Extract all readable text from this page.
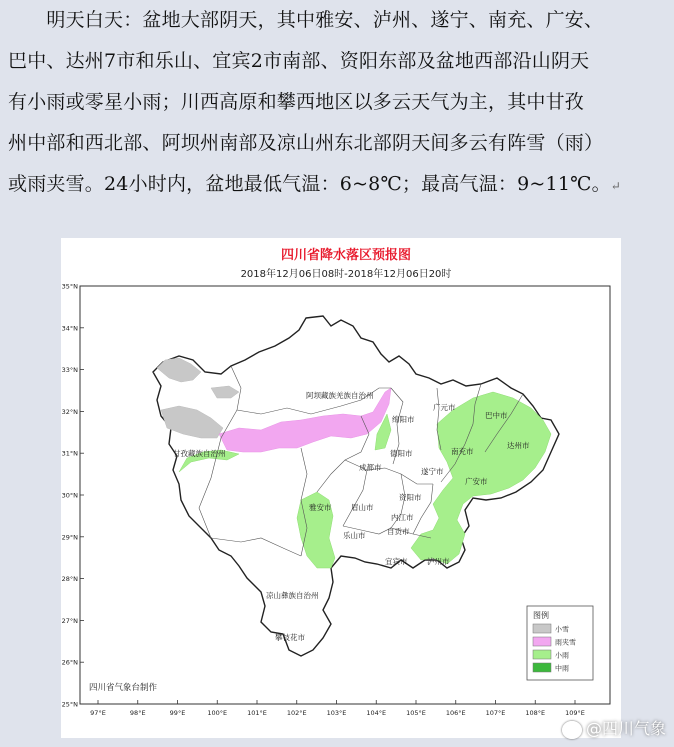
　　明天白天：盆地大部阴天，其中雅安、泸州、遂宁、南充、广安、
巴中、达州7市和乐山、宜宾2市南部、资阳东部及盆地西部沿山阴天
有小雨或零星小雨；川西高原和攀西地区以多云天气为主，其中甘孜
州中部和西北部、阿坝州南部及凉山州东北部阴天间多云有阵雪（雨）
或雨夹雪。24小时内，盆地最低气温：6~8℃；最高气温：9~11℃。↵
四川省降水落区预报图
2018年12月06日08时-2018年12月06日20时
阿坝藏族羌族自治州
甘孜藏族自治州
凉山彝族自治州
攀枝花市
广元市
绵阳市	巴中市
达州市
南充市
德阳市
成都市	遂宁市
广安市
雅安市	眉山市
资阳市
内江市
乐山市	自贡市
宜宾市	泸州市
35°N
34°N
33°N
32°N
31°N
30°N
29°N
28°N
27°N
26°N
25°N
97°E	98°E	99°E	100°E	101°E	102°E	103°E	104°E	105°E	106°E	107°E	108°E	109°E
图例
小雪
雨夹雪
小雨
中雨
四川省气象台制作
@四川气象
